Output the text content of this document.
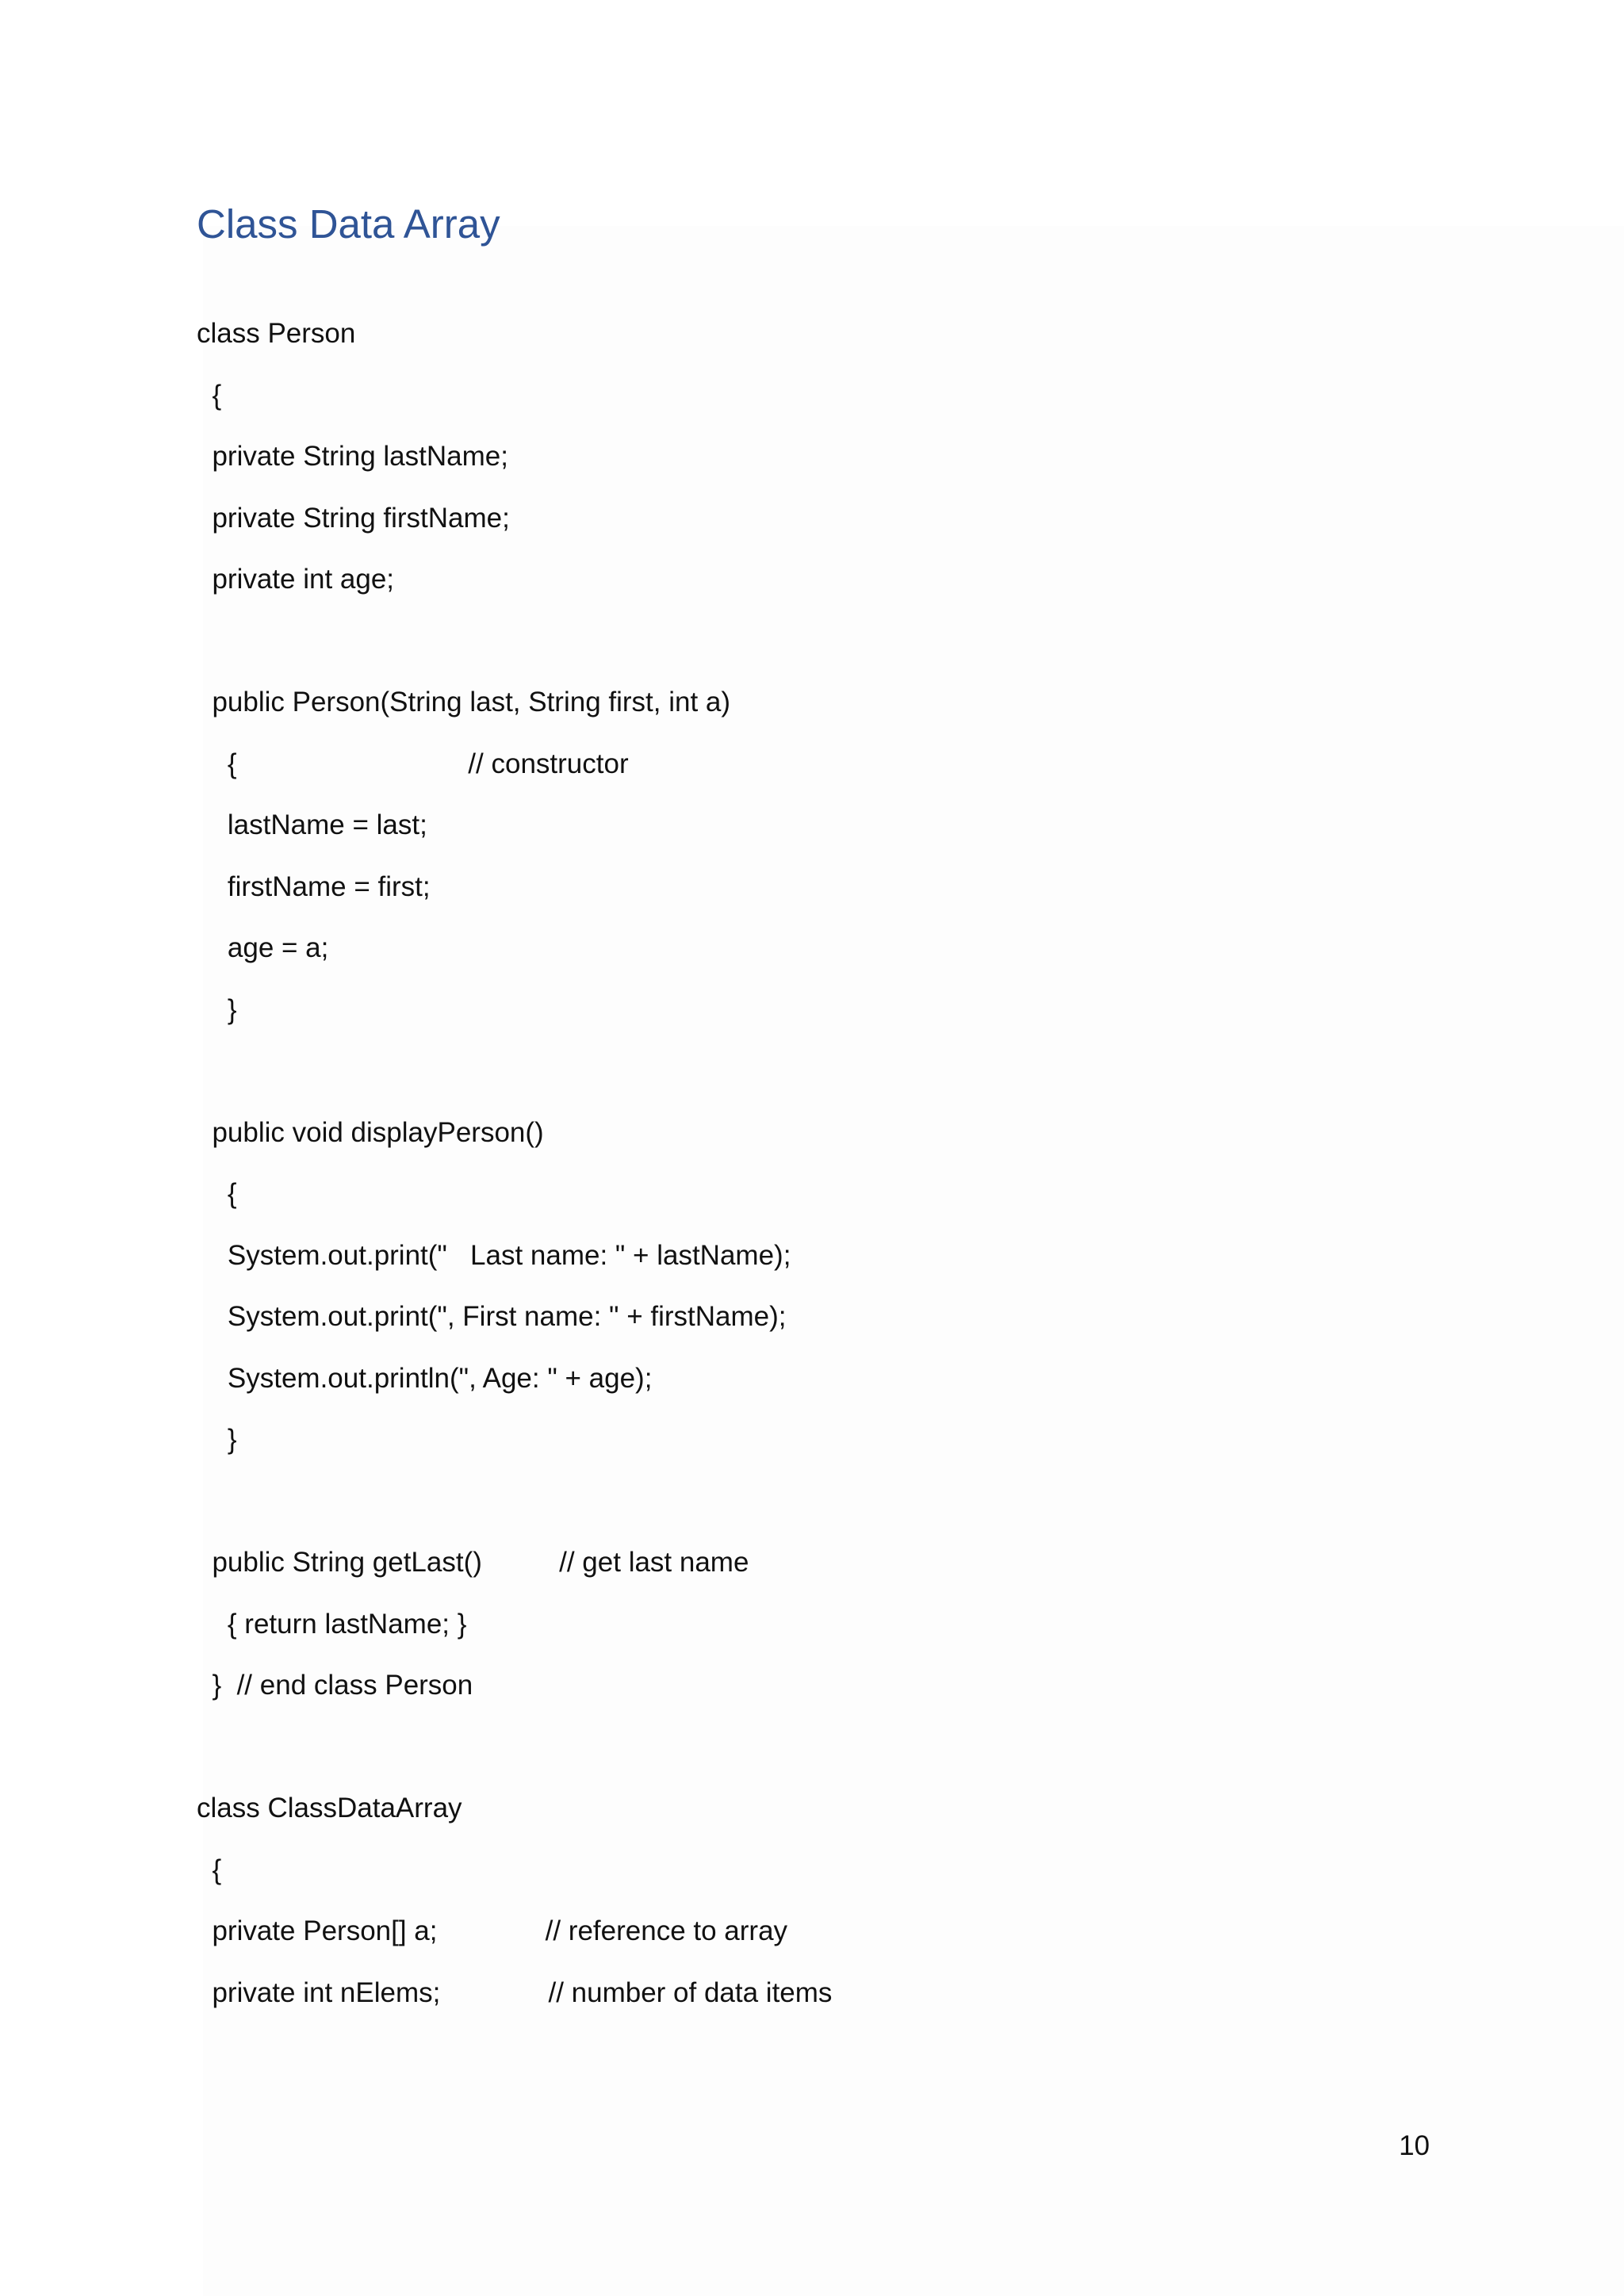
Class Data Array
class Person
{
private String lastName;
private String firstName;
private int age;
public Person(String last, String first, int a)
{                              // constructor
lastName = last;
firstName = first;
age = a;
}
public void displayPerson()
{
System.out.print("   Last name: " + lastName);
System.out.print(", First name: " + firstName);
System.out.println(", Age: " + age);
}
public String getLast()          // get last name
{ return lastName; }
}  // end class Person
class ClassDataArray
{
private Person[] a;              // reference to array
private int nElems;              // number of data items
10
